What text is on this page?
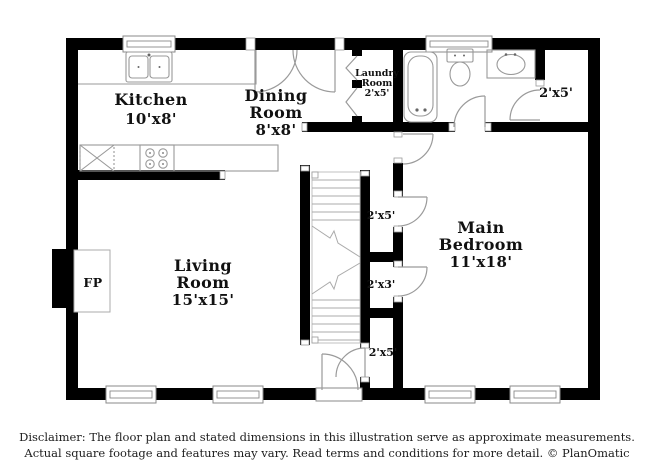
FP
Kitchen
10'x8'
Dining
Room
8'x8'
Laundry
Room
2'x5'	2'x5'
2'x5'
2'x3'
2'x5'
Main
Bedroom
11'x18'
Living
Room
15'x15'
Disclaimer: The floor plan and stated dimensions in this illustration serve as approximate measurements.
Actual square footage and features may vary. Read terms and conditions for more detail. © PlanOmatic
